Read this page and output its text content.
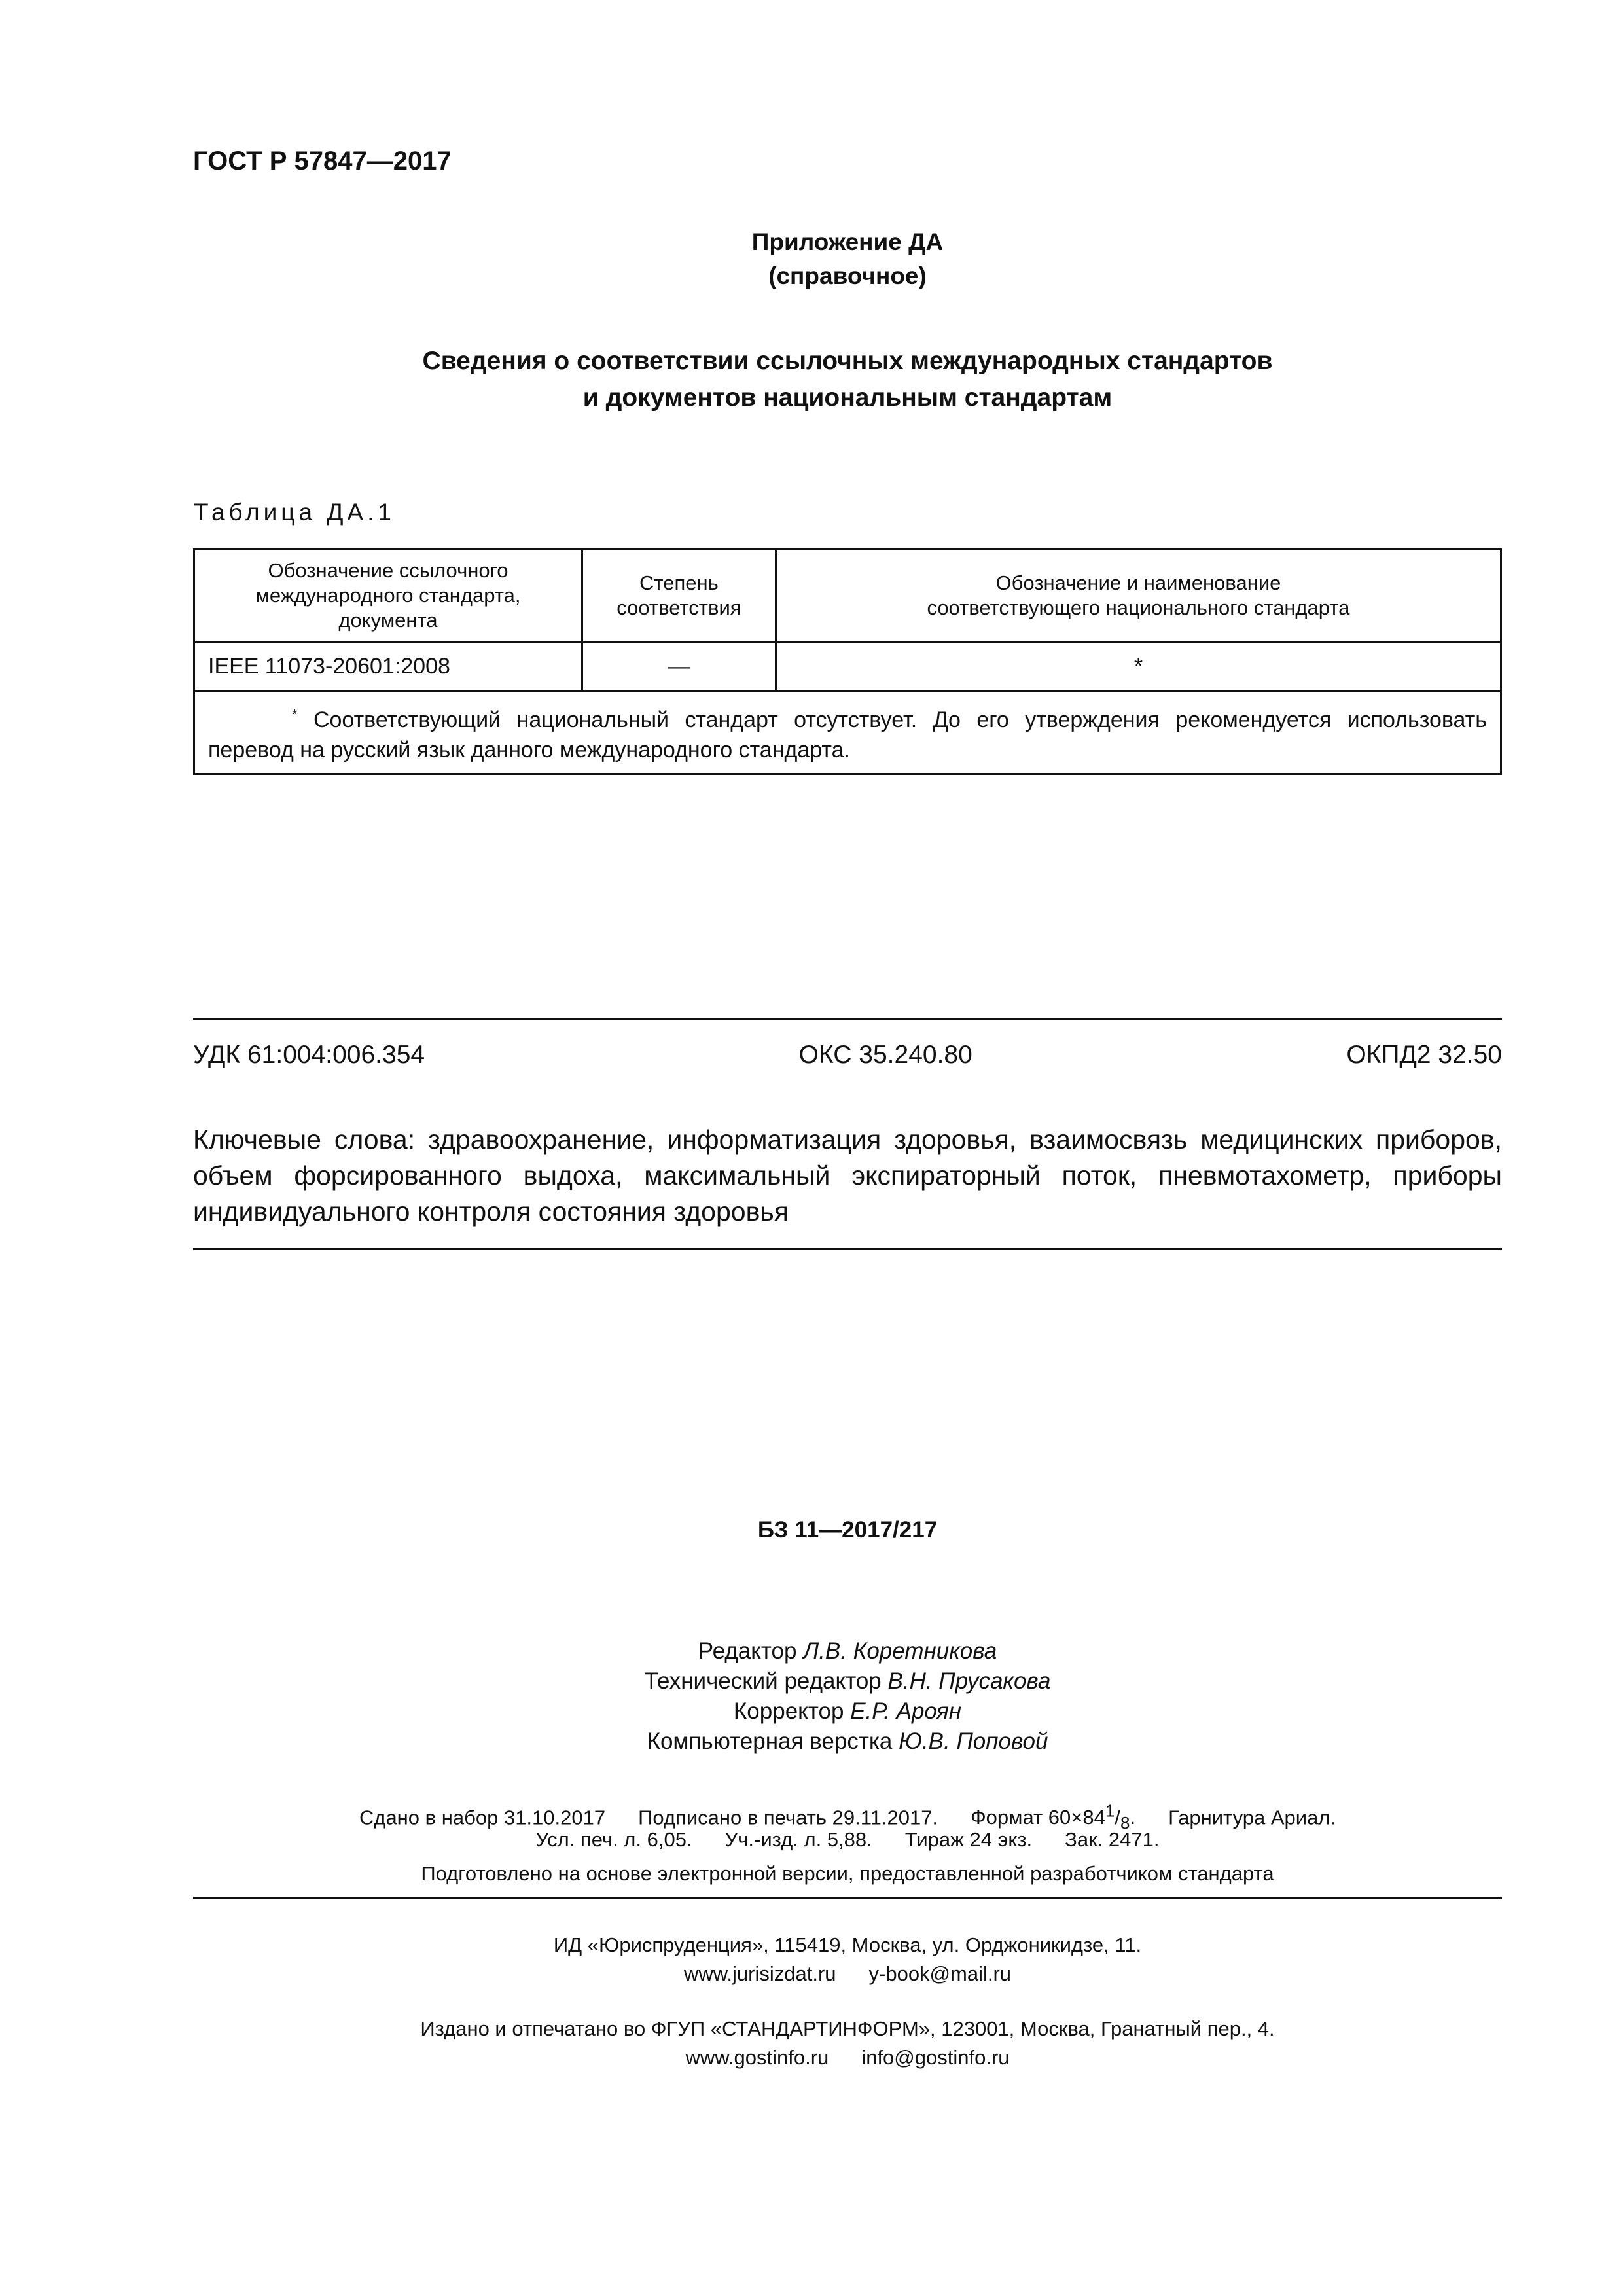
ГОСТ Р 57847—2017
Приложение ДА
(справочное)
Сведения о соответствии ссылочных международных стандартов
и документов национальным стандартам
Таблица ДА.1
Обозначение ссылочного международного стандарта, документа	Степень соответствия	Обозначение и наименование соответствующего национального стандарта
IEEE 11073-20601:2008	—	*
* Соответствующий национальный стандарт отсутствует. До его утверждения рекомендуется использовать перевод на русский язык данного международного стандарта.		
УДК 61:004:006.354	ОКС 35.240.80	ОКПД2 32.50
Ключевые слова: здравоохранение, информатизация здоровья, взаимосвязь медицинских приборов, объем форсированного выдоха, максимальный экспираторный поток, пневмотахометр, приборы индивидуального контроля состояния здоровья
БЗ 11—2017/217
Редактор Л.В. Коретникова
Технический редактор В.Н. Прусакова
Корректор Е.Р. Ароян
Компьютерная верстка Ю.В. Поповой
Сдано в набор 31.10.2017 Подписано в печать 29.11.2017. Формат $60\times 84^1/_8$. Гарнитура Ариал.
Усл. печ. л. 6,05. Уч.-изд. л. 5,88. Тираж 24 экз. Зак. 2471.
Подготовлено на основе электронной версии, предоставленной разработчиком стандарта
ИД «Юриспруденция», 115419, Москва, ул. Орджоникидзе, 11.
www.jurisizdat.ru y-book@mail.ru
Издано и отпечатано во ФГУП «СТАНДАРТИНФОРМ», 123001, Москва, Гранатный пер., 4.
www.gostinfo.ru info@gostinfo.ru
